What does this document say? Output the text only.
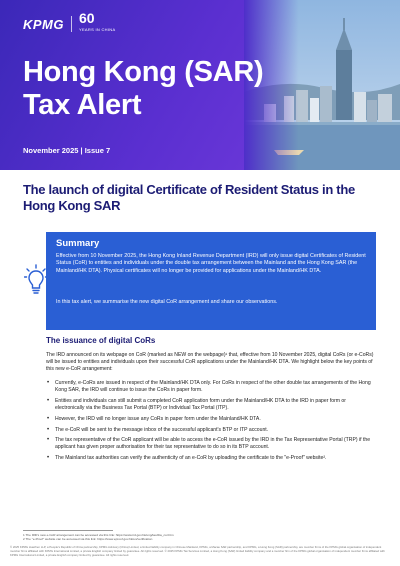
KPMG 60
YEARS IN CHINA
Hong Kong (SAR)
Tax Alert
November 2025 | Issue 7
The launch of digital Certificate of Resident Status in the Hong Kong SAR
Summary

Effective from 10 November 2025, the Hong Kong Inland Revenue Department (IRD) will only issue digital Certificates of Resident Status (CoR) to entities and individuals under the double tax arrangement between the Mainland and the Hong Kong SAR (the Mainland/HK DTA). Physical certificates will no longer be provided for applications under the Mainland/HK DTA.

In this tax alert, we summarise the new digital CoR arrangement and share our observations.

The issuance of digital CoRs

The IRD announced on its webpage on CoR (marked as NEW on the webpage)¹ that, effective from 10 November 2025, digital CoRs (or e-CoRs) will be issued to entities and individuals upon their successful CoR applications under the Mainland/HK DTA. We highlight below the key points of this new e-CoR arrangement:

• Currently, e-CoRs are issued in respect of the Mainland/HK DTA only. For CoRs in respect of the other double tax arrangements of the Hong Kong SAR, the IRD will continue to issue the CoRs in paper form.
• Entities and individuals can still submit a completed CoR application form under the Mainland/HK DTA to the IRD in paper form or electronically via the Business Tax Portal (BTP) or Individual Tax Portal (ITP).
• However, the IRD will no longer issue any CoRs in paper form under the Mainland/HK DTA.
• The e-CoR will be sent to the message inbox of the successful applicant's BTP or ITP account.
• The tax representative of the CoR applicant will be able to access the e-CoR issued by the IRD in the Tax Representative Portal (TRP) if the applicant has given proper authorisation for their tax representative to do so in its BTP account.
• The Mainland tax authorities can verify the authenticity of an e-CoR by uploading the certificate to the "e-Proof" website².
1 The IRD's new e-CoR arrangement can be accessed via this link: https://www.ird.gov.hk/eng/tax/dta_cor.htm
2 The "e-Proof" website can be accessed via this link: https://www.eproof.gov.hk/en/verification

© 2025 KPMG Huazhen LLP, a People's Republic of China partnership, KPMG Advisory (China) Limited, a limited liability company in Chinese Mainland, KPMG, a Macau SAR partnership, and KPMG, a Hong Kong (SAR) partnership, are member firms of the KPMG global organisation of independent member firms affiliated with KPMG International Limited, a private English company limited by guarantee. All rights reserved. © 2025 KPMG Tax Services Limited, a Hong Kong (SAR) limited liability company and a member firm of the KPMG global organisation of independent member firms affiliated with KPMG International Limited, a private English company limited by guarantee. All rights reserved.
